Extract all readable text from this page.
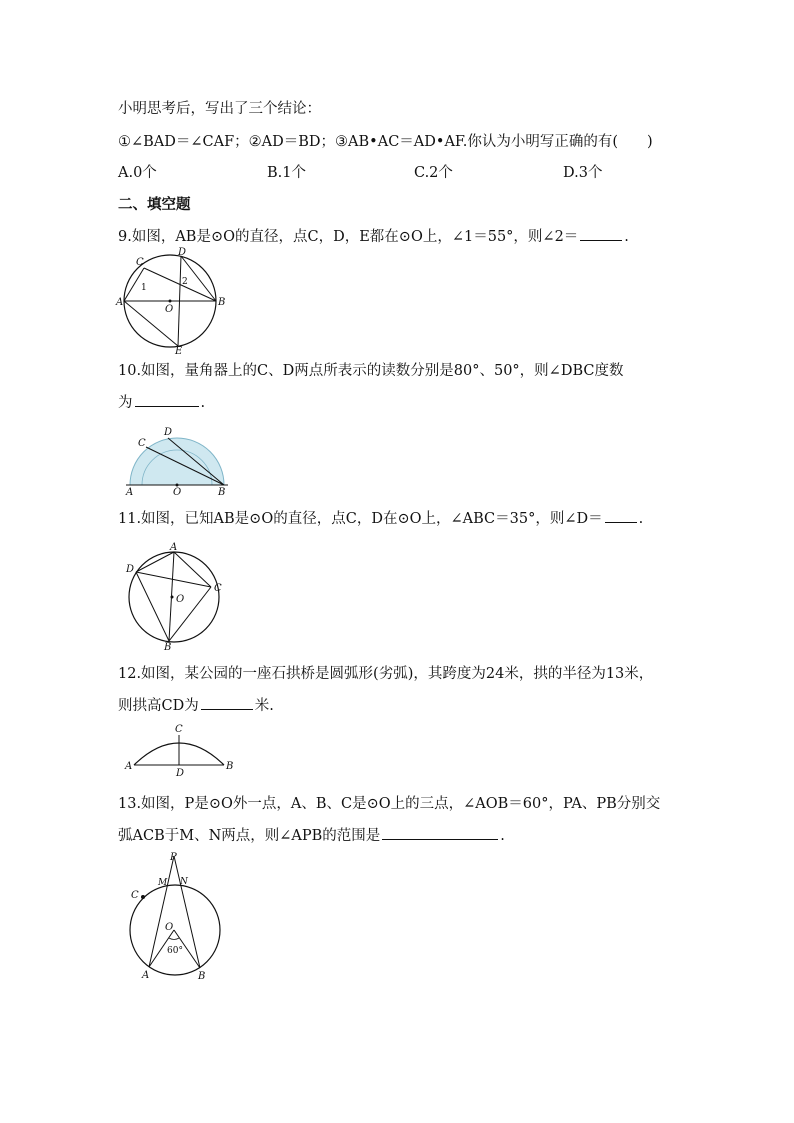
小明思考后，写出了三个结论：
①∠BAD＝∠CAF；②AD＝BD；③AB•AC＝AD•AF.你认为小明写正确的有(　　)
A.0个	B.1个	C.2个	D.3个
二、填空题
9.如图，AB是⊙O的直径，点C，D，E都在⊙O上，∠1＝55°，则∠2＝	.
C
D
A	B
O
E
1
2
10.如图，量角器上的C、D两点所表示的读数分别是80°、50°，则∠DBC度数
为	.
C
D
A	O	B
11.如图，已知AB是⊙O的直径，点C，D在⊙O上，∠ABC＝35°，则∠D＝ .
A
D
C
O
B
12.如图，某公园的一座石拱桥是圆弧形(劣弧)，其跨度为24米，拱的半径为13米，
则拱高CD为	米.
C
A
D
B
13.如图，P是⊙O外一点，A、B、C是⊙O上的三点，∠AOB＝60°，PA、PB分别交
弧ACB于M、N两点，则∠APB的范围是	.
P
M N
C
O
60°
A	B
